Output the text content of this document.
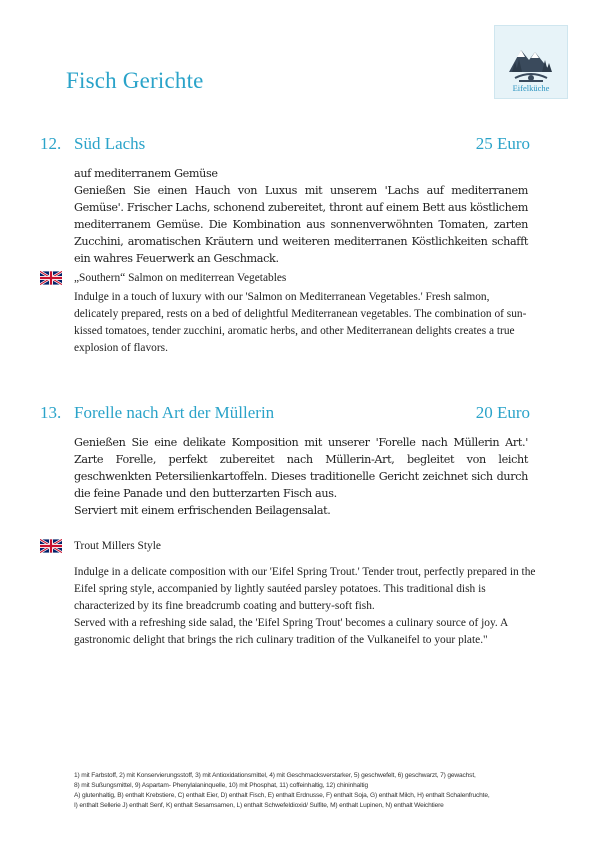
Fisch Gerichte	Eifelküche
12. Süd Lachs	25 Euro

auf mediterranem Gemüse

Genießen Sie einen Hauch von Luxus mit unserem 'Lachs auf mediterranem Gemüse'. Frischer Lachs, schonend zubereitet, thront auf einem Bett aus köstlichem mediterranem Gemüse. Die Kombination aus sonnenverwöhnten Tomaten, zarten Zucchini, aromatischen Kräutern und weiteren mediterranen Köstlichkeiten schafft ein wahres Feuerwerk an Geschmack.

„Southern“ Salmon on mediterrean Vegetables

Indulge in a touch of luxury with our 'Salmon on Mediterranean Vegetables.' Fresh salmon, delicately prepared, rests on a bed of delightful Mediterranean vegetables. The combination of sun-kissed tomatoes, tender zucchini, aromatic herbs, and other Mediterranean delights creates a true explosion of flavors.

13. Forelle nach Art der Müllerin	20 Euro

Genießen Sie eine delikate Komposition mit unserer 'Forelle nach Müllerin Art.' Zarte Forelle, perfekt zubereitet nach Müllerin-Art, begleitet von leicht geschwenkten Petersilienkartoffeln. Dieses traditionelle Gericht zeichnet sich durch die feine Panade und den butterzarten Fisch aus.

Serviert mit einem erfrischenden Beilagensalat.

Trout Millers Style

Indulge in a delicate composition with our 'Eifel Spring Trout.' Tender trout, perfectly prepared in the Eifel spring style, accompanied by lightly sautéed parsley potatoes. This traditional dish is characterized by its fine breadcrumb coating and buttery-soft fish.

Served with a refreshing side salad, the 'Eifel Spring Trout' becomes a culinary source of joy. A gastronomic delight that brings the rich culinary tradition of the Vulkaneifel to your plate."

1) mit Farbstoff, 2) mit Konservierungsstoff, 3) mit Antioxidationsmittel, 4) mit Geschmacksverstarker, 5) geschwefelt, 6) geschwarzt, 7) gewachst,
8) mit Sußungsmittel, 9) Aspartam- Phenylalaninquelle, 10) mit Phosphat, 11) coffeinhaltig, 12) chininhaltig
A) glutenhaltig, B) enthalt Krebstiere, C) enthalt Eier, D) enthalt Fisch, E) enthalt Erdnusse, F) enthalt Soja, G) enthalt Milch, H) enthalt Schalenfruchte,
I) enthalt Sellerie J) enthalt Senf, K) enthalt Sesamsamen, L) enthalt Schwefeldioxid/ Sulfite, M) enthalt Lupinen, N) enthalt Weichtiere
